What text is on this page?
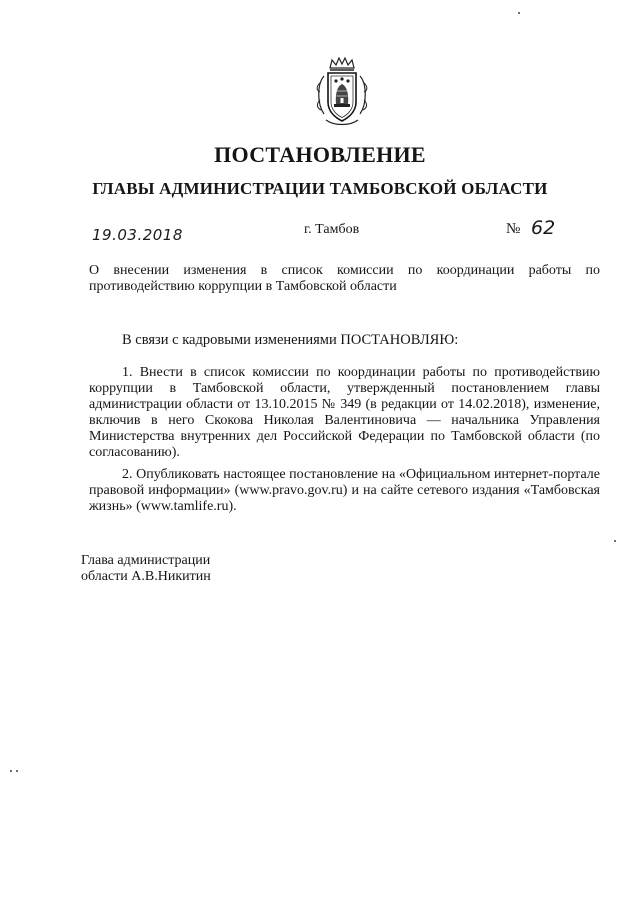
ПОСТАНОВЛЕНИЕ
ГЛАВЫ АДМИНИСТРАЦИИ ТАМБОВСКОЙ ОБЛАСТИ
19.03.2018	г. Тамбов	№ 62
О внесении изменения в список комиссии по координации работы по противодействию коррупции в Тамбовской области
В связи с кадровыми изменениями ПОСТАНОВЛЯЮ:
1. Внести в список комиссии по координации работы по противодействию коррупции в Тамбовской области, утвержденный постановлением главы администрации области от 13.10.2015 № 349 (в редакции от 14.02.2018), изменение, включив в него Скокова Николая Валентиновича — начальника Управления Министерства внутренних дел Российской Федерации по Тамбовской области (по согласованию).
2. Опубликовать настоящее постановление на «Официальном интернет-портале правовой информации» (www.pravo.gov.ru) и на сайте сетевого издания «Тамбовская жизнь» (www.tamlife.ru).
Глава администрации
области А.В.Никитин
